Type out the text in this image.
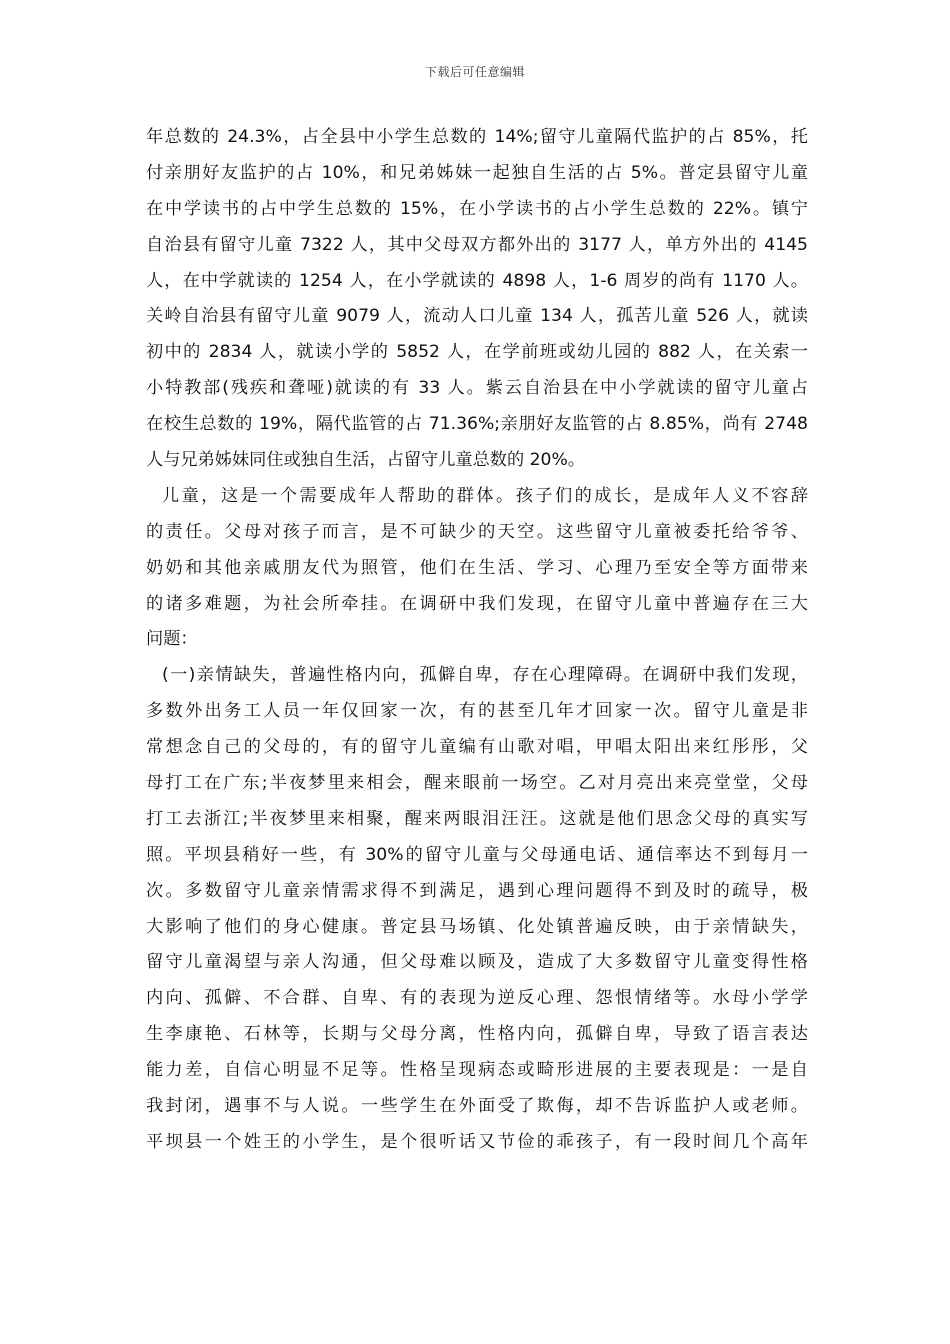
下载后可任意编辑
年总数的 24.3%，占全县中小学生总数的 14%;留守儿童隔代监护的占 85%，托
付亲朋好友监护的占 10%，和兄弟姊妹一起独自生活的占 5%。普定县留守儿童
在中学读书的占中学生总数的 15%，在小学读书的占小学生总数的 22%。镇宁
自治县有留守儿童 7322 人，其中父母双方都外出的 3177 人，单方外出的 4145
人，在中学就读的 1254 人，在小学就读的 4898 人，1-6 周岁的尚有 1170 人。
关岭自治县有留守儿童 9079 人，流动人口儿童 134 人，孤苦儿童 526 人，就读
初中的 2834 人，就读小学的 5852 人，在学前班或幼儿园的 882 人，在关索一
小特教部(残疾和聋哑)就读的有 33 人。紫云自治县在中小学就读的留守儿童占
在校生总数的 19%，隔代监管的占 71.36%;亲朋好友监管的占 8.85%，尚有 2748
人与兄弟姊妹同住或独自生活，占留守儿童总数的 20%。
儿童，这是一个需要成年人帮助的群体。孩子们的成长，是成年人义不容辞
的责任。父母对孩子而言，是不可缺少的天空。这些留守儿童被委托给爷爷、
奶奶和其他亲戚朋友代为照管，他们在生活、学习、心理乃至安全等方面带来
的诸多难题，为社会所牵挂。在调研中我们发现，在留守儿童中普遍存在三大
问题：
(一)亲情缺失，普遍性格内向，孤僻自卑，存在心理障碍。在调研中我们发现，
多数外出务工人员一年仅回家一次，有的甚至几年才回家一次。留守儿童是非
常想念自己的父母的，有的留守儿童编有山歌对唱，甲唱太阳出来红彤彤，父
母打工在广东;半夜梦里来相会，醒来眼前一场空。乙对月亮出来亮堂堂，父母
打工去浙江;半夜梦里来相聚，醒来两眼泪汪汪。这就是他们思念父母的真实写
照。平坝县稍好一些，有 30%的留守儿童与父母通电话、通信率达不到每月一
次。多数留守儿童亲情需求得不到满足，遇到心理问题得不到及时的疏导，极
大影响了他们的身心健康。普定县马场镇、化处镇普遍反映，由于亲情缺失，
留守儿童渴望与亲人沟通，但父母难以顾及，造成了大多数留守儿童变得性格
内向、孤僻、不合群、自卑、有的表现为逆反心理、怨恨情绪等。水母小学学
生李康艳、石林等，长期与父母分离，性格内向，孤僻自卑，导致了语言表达
能力差，自信心明显不足等。性格呈现病态或畸形进展的主要表现是：一是自
我封闭，遇事不与人说。一些学生在外面受了欺侮，却不告诉监护人或老师。
平坝县一个姓王的小学生，是个很听话又节俭的乖孩子，有一段时间几个高年
